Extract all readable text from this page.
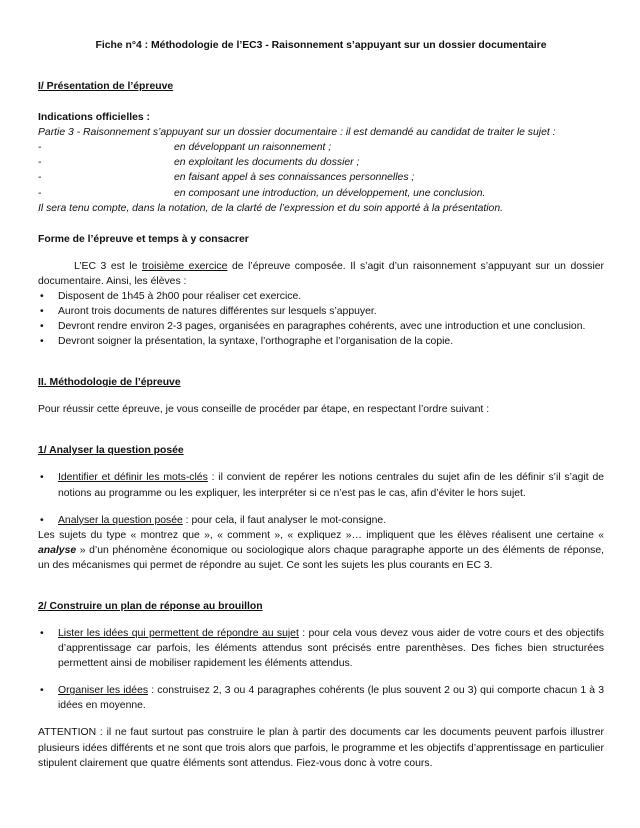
Fiche n°4 : Méthodologie de l’EC3 - Raisonnement s’appuyant sur un dossier documentaire

I/ Présentation de l’épreuve

Indications officielles :

Partie 3 - Raisonnement s’appuyant sur un dossier documentaire : il est demandé au candidat de traiter le sujet :

-	en développant un raisonnement ;
-	en exploitant les documents du dossier ;
-	en faisant appel à ses connaissances personnelles ;
-	en composant une introduction, un développement, une conclusion.

Il sera tenu compte, dans la notation, de la clarté de l’expression et du soin apporté à la présentation.

Forme de l’épreuve et temps à y consacrer

L’EC 3 est le troisième exercice de l’épreuve composée. Il s’agit d’un raisonnement s’appuyant sur un dossier documentaire. Ainsi, les élèves :

• Disposent de 1h45 à 2h00 pour réaliser cet exercice.
• Auront trois documents de natures différentes sur lesquels s’appuyer.
• Devront rendre environ 2-3 pages, organisées en paragraphes cohérents, avec une introduction et une conclusion.
• Devront soigner la présentation, la syntaxe, l’orthographe et l’organisation de la copie.

II. Méthodologie de l’épreuve

Pour réussir cette épreuve, je vous conseille de procéder par étape, en respectant l’ordre suivant :

1/ Analyser la question posée

• Identifier et définir les mots-clés : il convient de repérer les notions centrales du sujet afin de les définir s’il s’agit de notions au programme ou les expliquer, les interpréter si ce n’est pas le cas, afin d’éviter le hors sujet.
• Analyser la question posée : pour cela, il faut analyser le mot-consigne.

Les sujets du type « montrez que », « comment », « expliquez »… impliquent que les élèves réalisent une certaine « analyse » d’un phénomène économique ou sociologique alors chaque paragraphe apporte un des éléments de réponse, un des mécanismes qui permet de répondre au sujet. Ce sont les sujets les plus courants en EC 3.

2/ Construire un plan de réponse au brouillon

• Lister les idées qui permettent de répondre au sujet : pour cela vous devez vous aider de votre cours et des objectifs d’apprentissage car parfois, les éléments attendus sont précisés entre parenthèses. Des fiches bien structurées permettent ainsi de mobiliser rapidement les éléments attendus.
• Organiser les idées : construisez 2, 3 ou 4 paragraphes cohérents (le plus souvent 2 ou 3) qui comporte chacun 1 à 3 idées en moyenne.

ATTENTION : il ne faut surtout pas construire le plan à partir des documents car les documents peuvent parfois illustrer plusieurs idées différents et ne sont que trois alors que parfois, le programme et les objectifs d’apprentissage en particulier stipulent clairement que quatre éléments sont attendus. Fiez-vous donc à votre cours.
